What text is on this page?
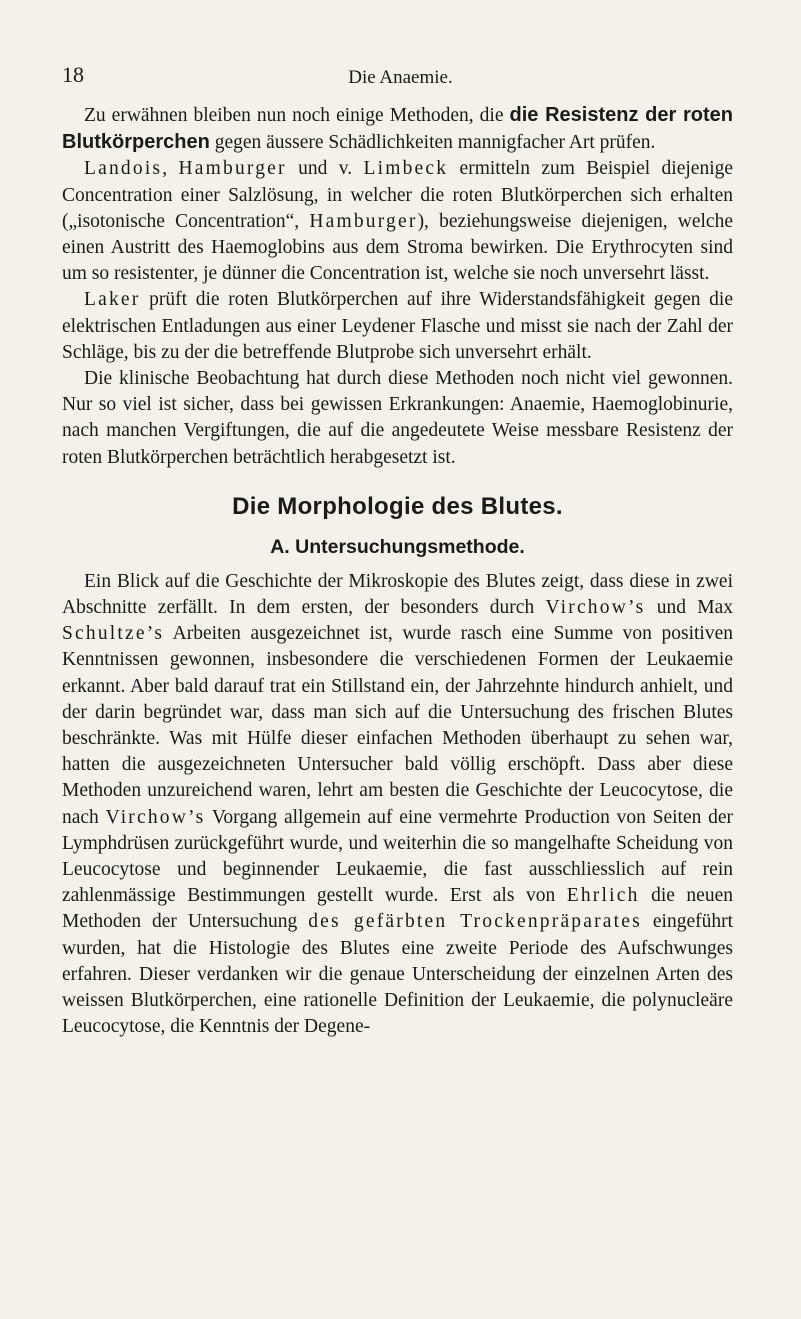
18	Die Anaemie.

Zu erwähnen bleiben nun noch einige Methoden, die die Resistenz der roten Blutkörperchen gegen äussere Schädlichkeiten mannigfacher Art prüfen.

Landois, Hamburger und v. Limbeck ermitteln zum Beispiel diejenige Concentration einer Salzlösung, in welcher die roten Blutkörperchen sich erhalten („isotonische Concentration“, Hamburger), beziehungsweise diejenigen, welche einen Austritt des Haemoglobins aus dem Stroma bewirken. Die Erythrocyten sind um so resistenter, je dünner die Concentration ist, welche sie noch unversehrt lässt.

Laker prüft die roten Blutkörperchen auf ihre Widerstandsfähigkeit gegen die elektrischen Entladungen aus einer Leydener Flasche und misst sie nach der Zahl der Schläge, bis zu der die betreffende Blutprobe sich unversehrt erhält.

Die klinische Beobachtung hat durch diese Methoden noch nicht viel gewonnen. Nur so viel ist sicher, dass bei gewissen Erkrankungen: Anaemie, Haemoglobinurie, nach manchen Vergiftungen, die auf die angedeutete Weise messbare Resistenz der roten Blutkörperchen beträchtlich herabgesetzt ist.

Die Morphologie des Blutes.
A. Untersuchungsmethode.

Ein Blick auf die Geschichte der Mikroskopie des Blutes zeigt, dass diese in zwei Abschnitte zerfällt. In dem ersten, der besonders durch Virchow’s und Max Schultze’s Arbeiten ausgezeichnet ist, wurde rasch eine Summe von positiven Kenntnissen gewonnen, insbesondere die verschiedenen Formen der Leukaemie erkannt. Aber bald darauf trat ein Stillstand ein, der Jahrzehnte hindurch anhielt, und der darin begründet war, dass man sich auf die Untersuchung des frischen Blutes beschränkte. Was mit Hülfe dieser einfachen Methoden überhaupt zu sehen war, hatten die ausgezeichneten Untersucher bald völlig erschöpft. Dass aber diese Methoden unzureichend waren, lehrt am besten die Geschichte der Leucocytose, die nach Virchow’s Vorgang allgemein auf eine vermehrte Production von Seiten der Lymphdrüsen zurückgeführt wurde, und weiterhin die so mangelhafte Scheidung von Leucocytose und beginnender Leukaemie, die fast ausschliesslich auf rein zahlenmässige Bestimmungen gestellt wurde. Erst als von Ehrlich die neuen Methoden der Untersuchung des gefärbten Trockenpräparates eingeführt wurden, hat die Histologie des Blutes eine zweite Periode des Aufschwunges erfahren. Dieser verdanken wir die genaue Unterscheidung der einzelnen Arten des weissen Blutkörperchen, eine rationelle Definition der Leukaemie, die polynucleäre Leucocytose, die Kenntnis der Degene-
